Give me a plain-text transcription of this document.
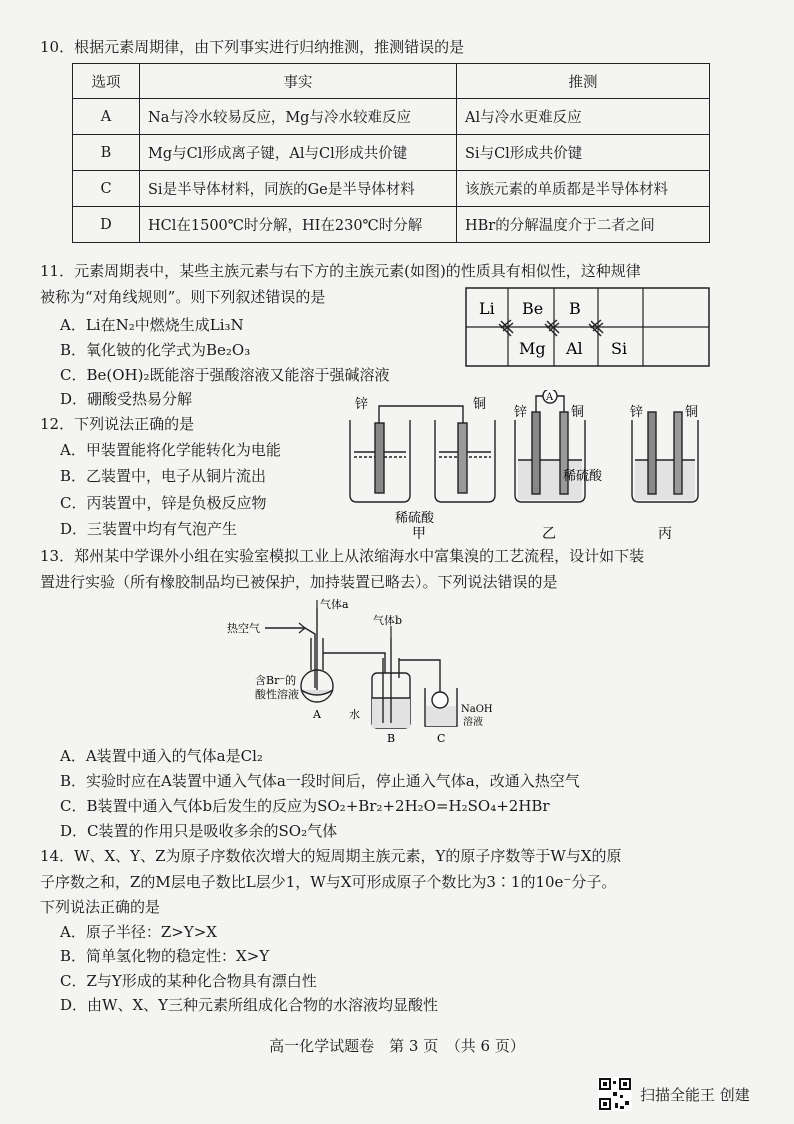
10．根据元素周期律，由下列事实进行归纳推测，推测错误的是
选项	事实	推测
A	Na与冷水较易反应，Mg与冷水较难反应	Al与冷水更难反应
B	Mg与Cl形成离子键，Al与Cl形成共价键	Si与Cl形成共价键
C	Si是半导体材料，同族的Ge是半导体材料	该族元素的单质都是半导体材料
D	HCl在1500℃时分解，HI在230℃时分解	HBr的分解温度介于二者之间
11．元素周期表中，某些主族元素与右下方的主族元素(如图)的性质具有相似性，这种规律
被称为“对角线规则”。则下列叙述错误的是
A．Li在N₂中燃烧生成Li₃N
B．氧化铍的化学式为Be₂O₃
C．Be(OH)₂既能溶于强酸溶液又能溶于强碱溶液
D．硼酸受热易分解
Li Be B
Mg Al Si
12．下列说法正确的是
A．甲装置能将化学能转化为电能
B．乙装置中，电子从铜片流出
C．丙装置中，锌是负极反应物
D．三装置中均有气泡产生
锌	铜
稀硫酸
甲
A
锌	铜
稀硫酸
乙
锌	铜
丙
13．郑州某中学课外小组在实验室模拟工业上从浓缩海水中富集溴的工艺流程，设计如下装
置进行实验（所有橡胶制品均已被保护，加持装置已略去）。下列说法错误的是
气体a
气体b
热空气
含Br⁻的
酸性溶液
水	NaOH
溶液
A
B	C
A．A装置中通入的气体a是Cl₂
B．实验时应在A装置中通入气体a一段时间后，停止通入气体a，改通入热空气
C．B装置中通入气体b后发生的反应为SO₂+Br₂+2H₂O=H₂SO₄+2HBr
D．C装置的作用只是吸收多余的SO₂气体
14．W、X、Y、Z为原子序数依次增大的短周期主族元素，Y的原子序数等于W与X的原
子序数之和，Z的M层电子数比L层少1，W与X可形成原子个数比为3∶1的10e⁻分子。
下列说法正确的是
A．原子半径：Z>Y>X
B．简单氢化物的稳定性：X>Y
C．Z与Y形成的某种化合物具有漂白性
D．由W、X、Y三种元素所组成化合物的水溶液均显酸性
高一化学试题卷　第 3 页　（共 6 页）
扫描全能王 创建
